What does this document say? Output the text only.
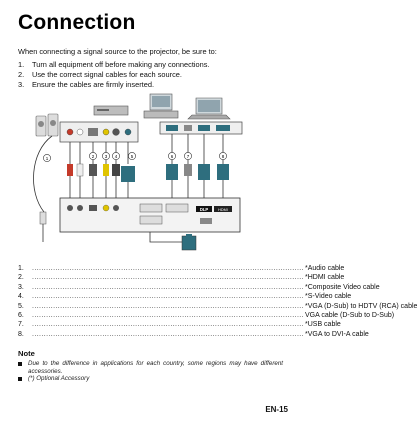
Connection
When connecting a signal source to the projector, be sure to:
1.	Turn all equipment off before making any connections.
2.	Use the correct signal cables for each source.
3.	Ensure the cables are firmly inserted.
1	2 3 4	5	6	7	8
DLP	HDMI
1.	.................................................................................................................... *Audio cable
2.	.................................................................................................................... *HDMI cable
3.	.................................................................................................................... *Composite Video cable
4.	.................................................................................................................... *S-Video cable
5.	.................................................................................................................... *VGA (D-Sub) to HDTV (RCA) cable
6.	.................................................................................................................... VGA cable (D-Sub to D-Sub)
7.	.................................................................................................................... *USB cable
8.	.................................................................................................................... *VGA to DVI-A cable
Note
Due to the difference in applications for each country, some regions may have different accessories.
(*) Optional Accessory
EN-15
